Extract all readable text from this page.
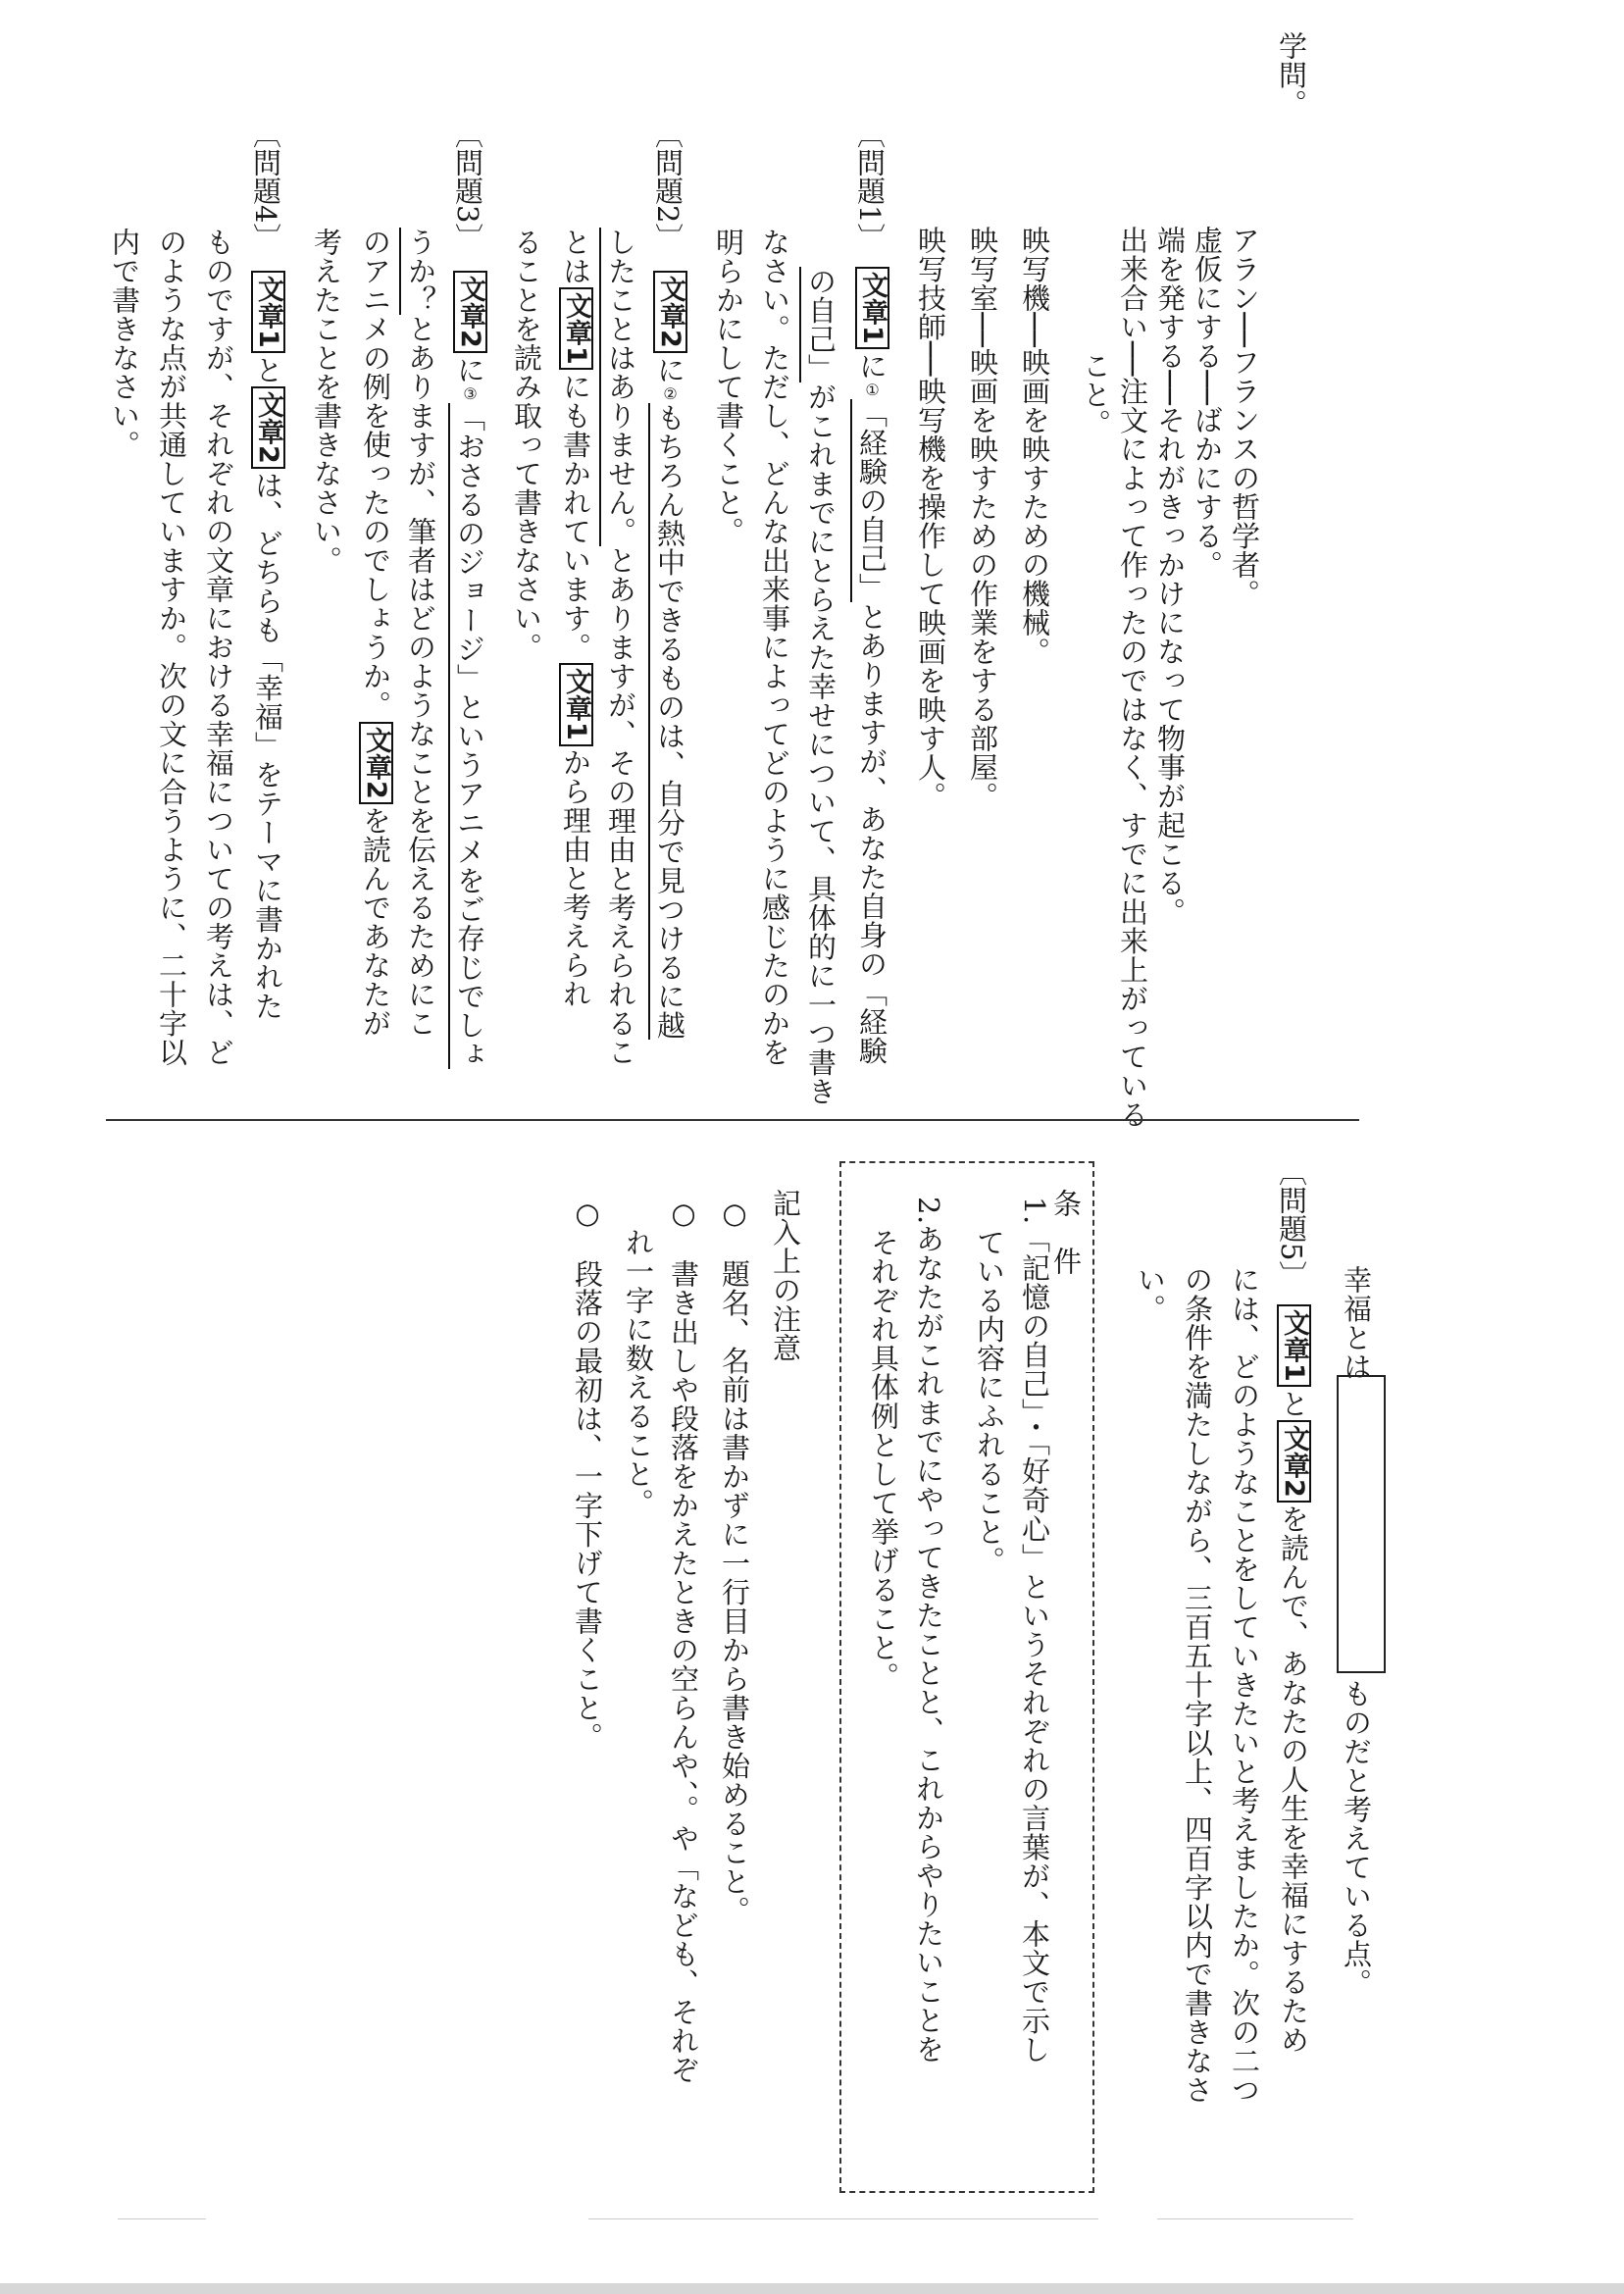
学問。
アラン──フランスの哲学者。
虚仮にする──ばかにする。
端を発する──それがきっかけになって物事が起こる。
出来合い──注文によって作ったのではなく、すでに出来上がっている
こと。
映写機──映画を映すための機械。
映写室──映画を映すための作業をする部屋。
映写技師──映写機を操作して映画を映す人。
〔問題1〕
文章1に①「経験の自己」とありますが、あなた自身の「経験
の自己」がこれまでにとらえた幸せについて、具体的に一つ書き
なさい。ただし、どんな出来事によってどのように感じたのかを
明らかにして書くこと。
〔問題2〕
文章2に②もちろん熱中できるものは、自分で見つけるに越
したことはありません。とありますが、その理由と考えられるこ
とは文章1にも書かれています。文章1から理由と考えられ
ることを読み取って書きなさい。
〔問題3〕
文章2に③「おさるのジョージ」というアニメをご存じでしょ
うか？とありますが、筆者はどのようなことを伝えるためにこ
のアニメの例を使ったのでしょうか。文章2を読んであなたが
考えたことを書きなさい。
〔問題4〕
文章1と文章2は、どちらも「幸福」をテーマに書かれた
ものですが、それぞれの文章における幸福についての考えは、ど
のような点が共通していますか。次の文に合うように、二十字以
内で書きなさい。
幸福とは
ものだと考えている点。
〔問題5〕
文章1と文章2を読んで、あなたの人生を幸福にするため
には、どのようなことをしていきたいと考えましたか。次の二つ
の条件を満たしながら、三百五十字以上、四百字以内で書きなさ
い。
条　件
1.「記憶の自己」・「好奇心」というそれぞれの言葉が、本文で示し
ている内容にふれること。
2.あなたがこれまでにやってきたことと、これからやりたいことを
それぞれ具体例として挙げること。
記入上の注意
○　題名、名前は書かずに一行目から書き始めること。
○　書き出しや段落をかえたときの空らんや、。や「なども、それぞ
れ一字に数えること。
○　段落の最初は、一字下げて書くこと。
